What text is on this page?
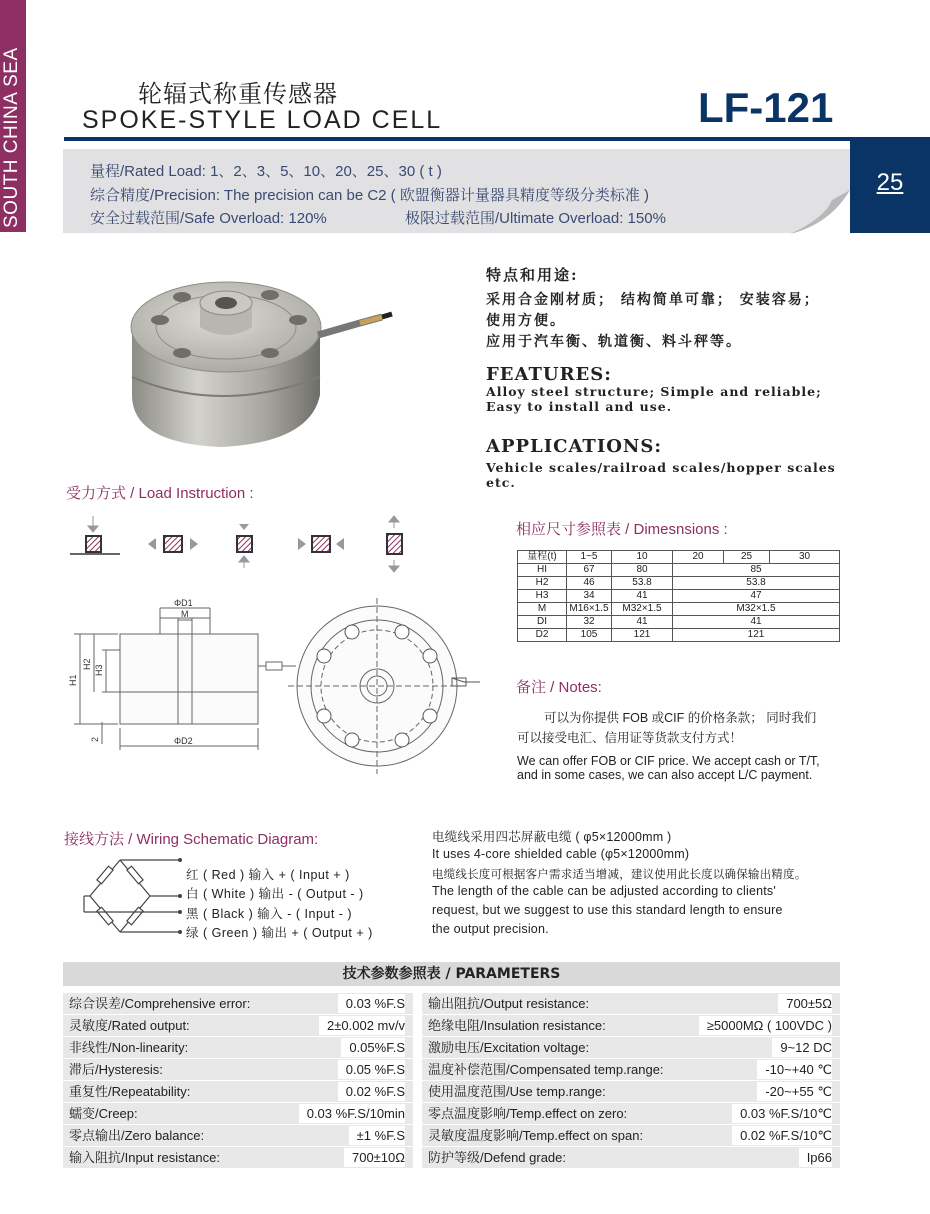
SOUTH CHINA SEA	轮辐式称重传感器
SPOKE-STYLE LOAD CELL	LF-121
25
量程/Rated Load: 1、2、3、5、10、20、25、30 ( t )
综合精度/Precision: The precision can be C2 ( 欧盟衡器计量器具精度等级分类标准 )
安全过载范围/Safe Overload: 120%	极限过载范围/Ultimate Overload: 150%
特点和用途:
采用合金刚材质； 结构简单可靠； 安装容易；
使用方便。
应用于汽车衡、轨道衡、料斗秤等。
FEATURES:
Alloy steel structure; Simple and reliable;
Easy to install and use.
APPLICATIONS:
Vehicle scales/railroad scales/hopper scales
etc.
受力方式 / Load Instruction :
相应尺寸参照表 / Dimesnsions :
量程(t)	1~5	10	20	25	30
HI	67	80	85		
H2	46	53.8	53.8		
H3	34	41	47		
M	M16×1.5	M32×1.5	M32×1.5		
DI	32	41	41		
D2	105	121	121		
ΦD1
M
ΦD2
H1
H2
H3
2
备注 / Notes:
可以为你提供 FOB 或CIF 的价格条款； 同时我们
可以接受电汇、信用证等货款支付方式！
We can offer FOB or CIF price. We accept cash or T/T,
and in some cases, we can also accept L/C payment.
接线方法 / Wiring Schematic Diagram:
红 ( Red ) 输入 + ( Input + )
白 ( White ) 输出 - ( Output - )
黑 ( Black ) 输入 - ( Input - )
绿 ( Green ) 输出 + ( Output + )
电缆线采用四芯屏蔽电缆 ( φ5×12000mm )
It uses 4-core shielded cable (φ5×12000mm)
电缆线长度可根据客户需求适当增减，建议使用此长度以确保输出精度。
The length of the cable can be adjusted according to clients'
request, but we suggest to use this standard length to ensure
the output precision.
技术参数参照表 / PARAMETERS
综合误差/Comprehensive error:	0.03 %F.S
灵敏度/Rated output:	2±0.002 mv/v
非线性/Non-linearity:	0.05%F.S
滞后/Hysteresis:	0.05 %F.S
重复性/Repeatability:	0.02 %F.S
蠕变/Creep:	0.03 %F.S/10min
零点输出/Zero balance:	±1 %F.S
输入阻抗/Input resistance:	700±10Ω
输出阻抗/Output resistance:	700±5Ω
绝缘电阻/Insulation resistance:	≥5000MΩ ( 100VDC )
激励电压/Excitation voltage:	9~12 DC
温度补偿范围/Compensated temp.range:	-10~+40 ℃
使用温度范围/Use temp.range:	-20~+55 ℃
零点温度影响/Temp.effect on zero:	0.03 %F.S/10℃
灵敏度温度影响/Temp.effect on span:	0.02 %F.S/10℃
防护等级/Defend grade:	Ip66
